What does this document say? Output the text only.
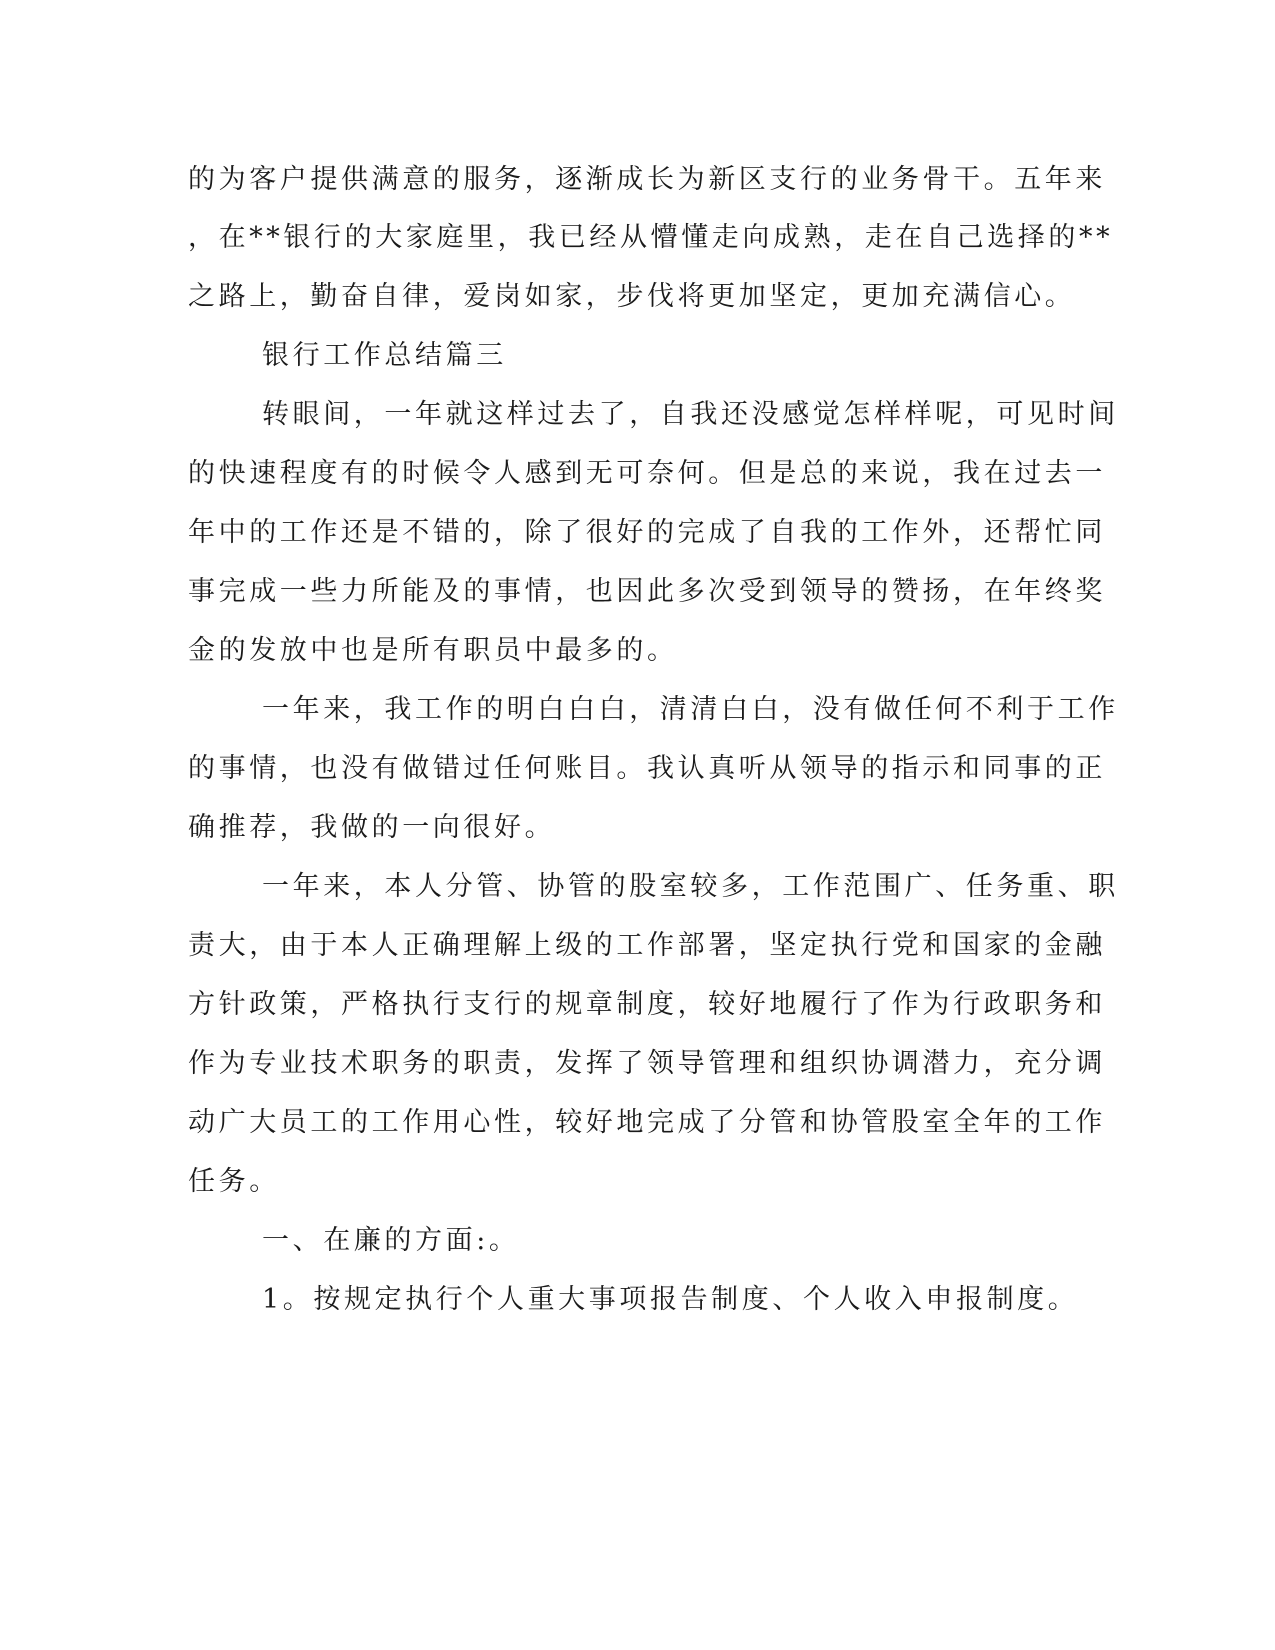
的为客户提供满意的服务，逐渐成长为新区支行的业务骨干。五年来
，在**银行的大家庭里，我已经从懵懂走向成熟，走在自己选择的**
之路上，勤奋自律，爱岗如家，步伐将更加坚定，更加充满信心。
银行工作总结篇三
转眼间，一年就这样过去了，自我还没感觉怎样样呢，可见时间
的快速程度有的时候令人感到无可奈何。但是总的来说，我在过去一
年中的工作还是不错的，除了很好的完成了自我的工作外，还帮忙同
事完成一些力所能及的事情，也因此多次受到领导的赞扬，在年终奖
金的发放中也是所有职员中最多的。
一年来，我工作的明白白白，清清白白，没有做任何不利于工作
的事情，也没有做错过任何账目。我认真听从领导的指示和同事的正
确推荐，我做的一向很好。
一年来，本人分管、协管的股室较多，工作范围广、任务重、职
责大，由于本人正确理解上级的工作部署，坚定执行党和国家的金融
方针政策，严格执行支行的规章制度，较好地履行了作为行政职务和
作为专业技术职务的职责，发挥了领导管理和组织协调潜力，充分调
动广大员工的工作用心性，较好地完成了分管和协管股室全年的工作
任务。
一、在廉的方面:。
1。按规定执行个人重大事项报告制度、个人收入申报制度。
